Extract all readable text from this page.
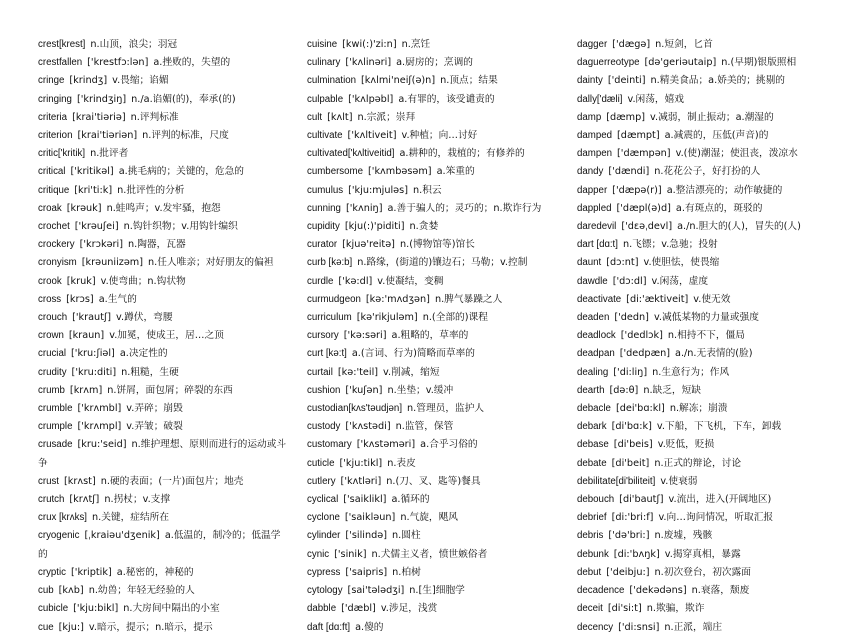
crest[krest] n.山顶，浪尖；羽冠
crestfallen ['krestfɔ:lən] a.挫败的，失望的
cringe [krindʒ] v.畏缩；谄媚
cringing ['krindʒiŋ] n./a.谄媚(的)，奉承(的)
criteria [krai'tiəriə] n.评判标准
criterion [krai'tiəriən] n.评判的标准，尺度
critic['kritik] n.批评者
critical ['kritikəl] a.挑毛病的；关键的，危急的
critique [kri'ti:k] n.批评性的分析
croak [krəuk] n.蛙鸣声；v.发牢骚，抱怨
crochet ['krəuʃei] n.钩针织物；v.用钩针编织
crockery ['krɔkəri] n.陶器，瓦器
cronyism [krəuniizəm] n.任人唯亲；对好朋友的偏袒
crook [kruk] v.使弯曲；n.钩状物
cross [krɔs] a.生气的
crouch ['krautʃ] v.蹲伏，弯腰
crown [kraun] v.加冕，使成王，居…之顶
crucial ['kru:ʃiəl] a.决定性的
crudity ['kru:diti] n.粗糙，生硬
crumb [krʌm] n.饼屑，面包屑；碎裂的东西
crumble ['krʌmbl] v.弄碎；崩毁
crumple ['krʌmpl] v.弄皱；破裂
crusade [kru:'seid] n.维护理想、原则而进行的运动或斗争
crust [krʌst] n.硬的表面；(一片)面包片；地壳
crutch [krʌtʃ] n.拐杖；v.支撑
crux [krʌks] n.关键，症结所在
cryogenic [ˌkraiəu'dʒenik] a.低温的，制冷的；低温学的
cryptic ['kriptik] a.秘密的，神秘的
cub [kʌb] n.幼兽；年轻无经验的人
cubicle ['kju:bikl] n.大房间中隔出的小室
cue [kju:] v.暗示，提示；n.暗示，提示
cuisine [kwi(:)'zi:n] n.烹饪
culinary ['kʌlinəri] a.厨房的；烹调的
culmination [kʌlmi'neiʃ(ə)n] n.顶点；结果
culpable ['kʌlpəbl] a.有罪的，该受谴责的
cult [kʌlt] n.宗派；崇拜
cultivate ['kʌltiveit] v.种植；向…讨好
cultivated['kʌltiveitid] a.耕种的，栽植的；有修养的
cumbersome ['kʌmbəsəm] a.笨重的
cumulus ['kju:mjuləs] n.积云
cunning ['kʌniŋ] a.善于骗人的；灵巧的；n.欺诈行为
cupidity [kju(:)'piditi] n.贪婪
curator [kjuə'reitə] n.(博物馆等)馆长
curb [kə:b] n.路缘，(街道的)镶边石；马勒；v.控制
curdle ['kə:dl] v.使凝结，变稠
curmudgeon [kə:'mʌdʒən] n.脾气暴躁之人
curriculum [kə'rikjuləm] n.(全部的)课程
cursory ['kə:səri] a.粗略的，草率的
curt [kə:t] a.(言词、行为)简略而草率的
curtail [kə:'teil] v.削减，缩短
cushion ['kuʃən] n.坐垫；v.缓冲
custodian[kʌs'təudjən] n.管理员，监护人
custody ['kʌstədi] n.监管，保管
customary ['kʌstəməri] a.合乎习俗的
cuticle ['kju:tikl] n.表皮
cutlery ['kʌtləri] n.(刀、叉、匙等)餐具
cyclical ['saiklikl] a.循环的
cyclone ['saikləun] n.气旋，飓风
cylinder ['silində] n.圆柱
cynic ['sinik] n.犬儒主义者，愤世嫉俗者
cypress ['saipris] n.柏树
cytology [sai'tələdʒi] n.[生]细胞学
dabble ['dæbl] v.涉足，浅赏
daft [dɑ:ft] a.傻的
dagger ['dægə] n.短剑，匕首
daguerreotype [də'geriəutaip] n.(早期)银版照相
dainty ['deinti] n.精美食品；a.娇美的；挑剔的
dally['dæli] v.闲荡，嬉戏
damp [dæmp] v.减弱，制止振动；a.潮湿的
damped [dæmpt] a.减震的，压低(声音)的
dampen ['dæmpən] v.(使)潮湿；使沮丧，泼凉水
dandy ['dændi] n.花花公子，好打扮的人
dapper ['dæpə(r)] a.整洁漂亮的；动作敏捷的
dappled ['dæpl(ə)d] a.有斑点的，斑驳的
daredevil ['dɛəˌdevl] a./n.胆大的(人)，冒失的(人)
dart [dɑ:t] n.飞镖；v.急驰；投射
daunt [dɔ:nt] v.使胆怯，使畏缩
dawdle ['dɔ:dl] v.闲荡，虚度
deactivate [di:'æktiveit] v.使无效
deaden ['dedn] v.减低某物的力量或强度
deadlock ['dedlɔk] n.相持不下，僵局
deadpan ['dedpæn] a./n.无表情的(脸)
dealing ['di:liŋ] n.生意行为；作风
dearth [də:θ] n.缺乏，短缺
debacle [dei'bɑ:kl] n.解冻；崩溃
debark [di'bɑ:k] v.下船，下飞机，下车，卸载
debase [di'beis] v.贬低，贬损
debate [di'beit] n.正式的辩论，讨论
debilitate[di'biliteit] v.使衰弱
debouch [di'bautʃ] v.流出，进入(开阔地区)
debrief [di:'bri:f] v.向…询问情况，听取汇报
debris ['də'bri:] n.废墟，残骸
debunk [di:'bʌŋk] v.揭穿真相，暴露
debut ['deibju:] n.初次登台，初次露面
decadence ['dekədəns] n.衰落，颓废
deceit [di'si:t] n.欺骗，欺诈
decency ['di:snsi] n.正派，端庄
